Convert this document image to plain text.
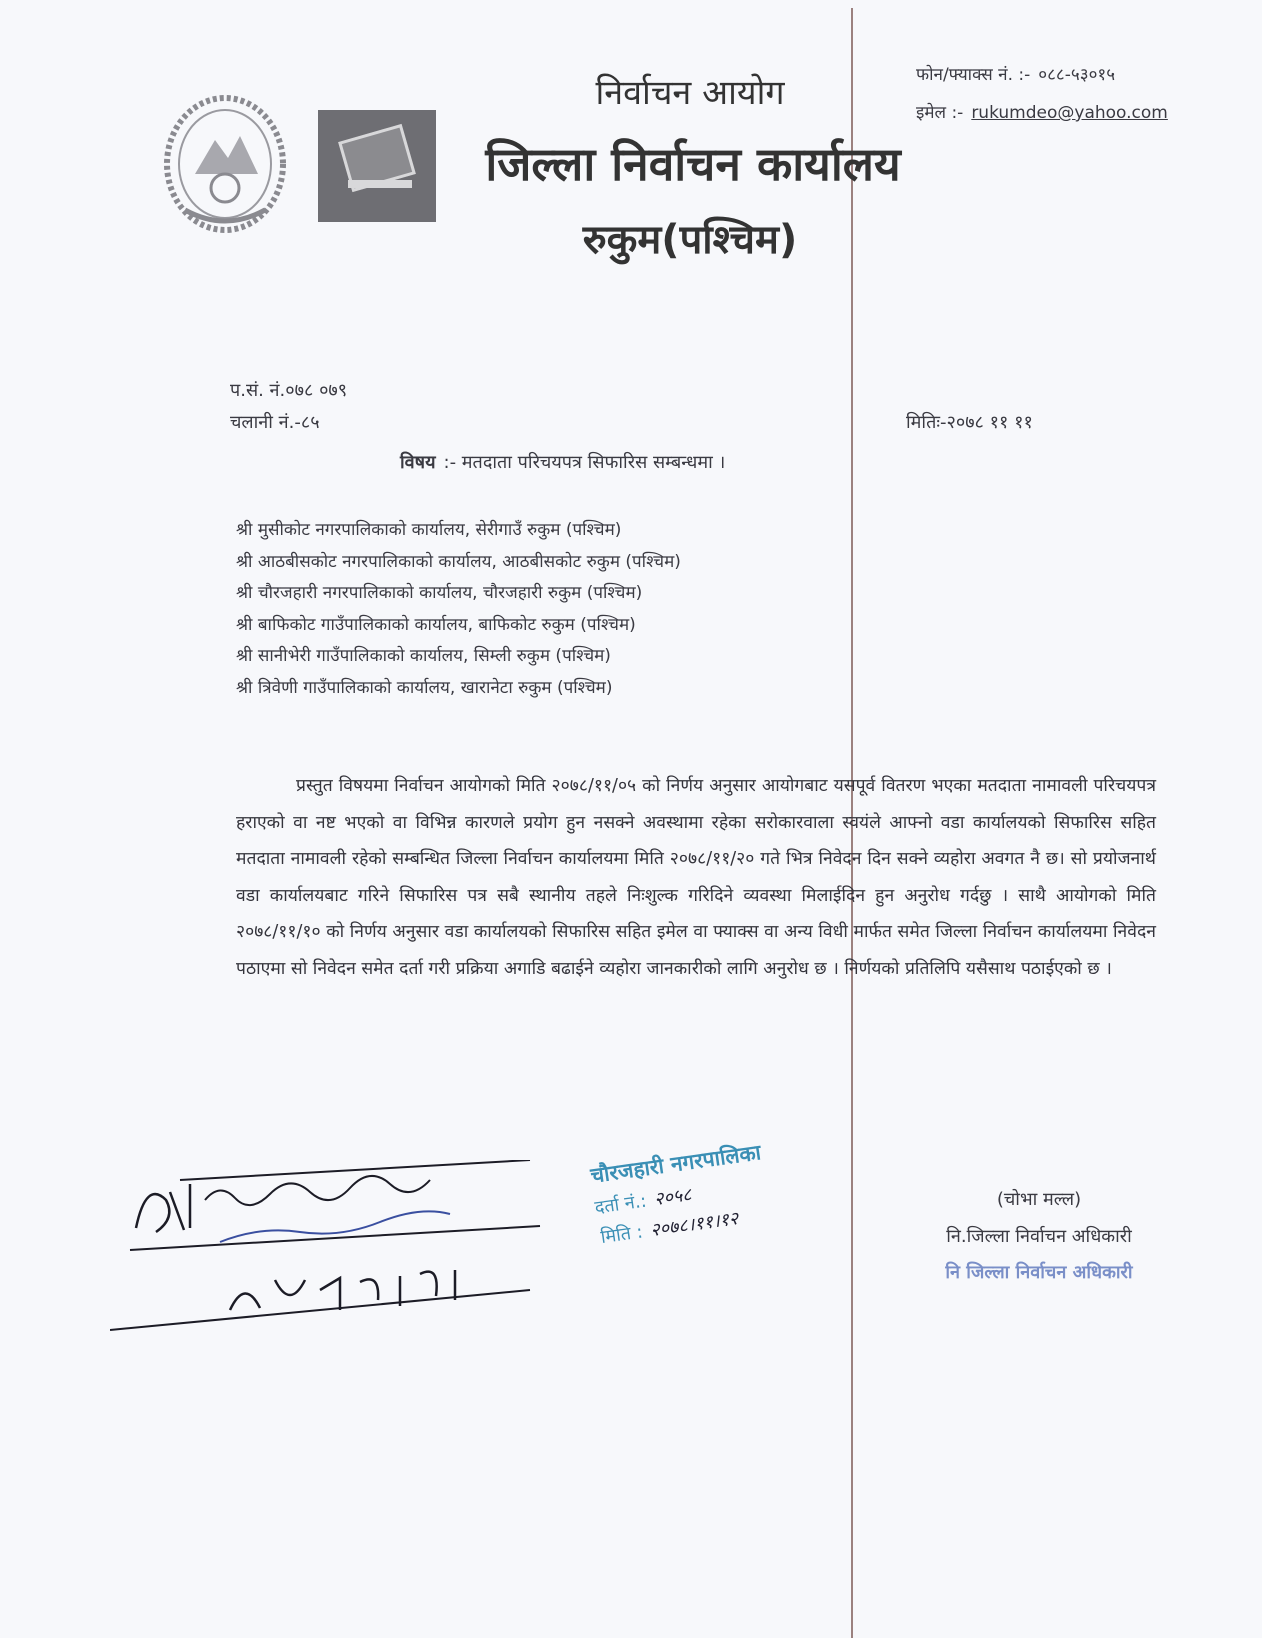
निर्वाचन आयोग
जिल्ला निर्वाचन कार्यालय
रुकुम(पश्चिम)
फोन/फ्याक्स नं. :- ०८८-५३०१५
इमेल :- rukumdeo@yahoo.com
प.सं. नं.०७८ ०७९
चलानी नं.-८५	मितिः-२०७८ ११ ११
विषय :- मतदाता परिचयपत्र सिफारिस सम्बन्धमा ।
श्री मुसीकोट नगरपालिकाको कार्यालय, सेरीगाउँ रुकुम (पश्चिम)
श्री आठबीसकोट नगरपालिकाको कार्यालय, आठबीसकोट रुकुम (पश्चिम)
श्री चौरजहारी नगरपालिकाको कार्यालय, चौरजहारी रुकुम (पश्चिम)
श्री बाफिकोट गाउँपालिकाको कार्यालय, बाफिकोट रुकुम (पश्चिम)
श्री सानीभेरी गाउँपालिकाको कार्यालय, सिम्ली रुकुम (पश्चिम)
श्री त्रिवेणी गाउँपालिकाको कार्यालय, खारानेटा रुकुम (पश्चिम)

प्रस्तुत विषयमा निर्वाचन आयोगको मिति २०७८/११/०५ को निर्णय अनुसार आयोगबाट यसपूर्व वितरण भएका मतदाता नामावली परिचयपत्र हराएको वा नष्ट भएको वा विभिन्न कारणले प्रयोग हुन नसक्ने अवस्थामा रहेका सरोकारवाला स्वयंले आफ्नो वडा कार्यालयको सिफारिस सहित मतदाता नामावली रहेको सम्बन्धित जिल्ला निर्वाचन कार्यालयमा मिति २०७८/११/२० गते भित्र निवेदन दिन सक्ने व्यहोरा अवगत नै छ। सो प्रयोजनार्थ वडा कार्यालयबाट गरिने सिफारिस पत्र सबै स्थानीय तहले निःशुल्क गरिदिने व्यवस्था मिलाईदिन हुन अनुरोध गर्दछु । साथै आयोगको मिति २०७८/११/१० को निर्णय अनुसार वडा कार्यालयको सिफारिस सहित इमेल वा फ्याक्स वा अन्य विधी मार्फत समेत जिल्ला निर्वाचन कार्यालयमा निवेदन पठाएमा सो निवेदन समेत दर्ता गरी प्रक्रिया अगाडि बढाईने व्यहोरा जानकारीको लागि अनुरोध छ । निर्णयको प्रतिलिपि यसैसाथ पठाईएको छ ।

चौरजहारी नगरपालिका
दर्ता नं.: २०५८
मिति : २०७८।११।१२
(चोभा मल्ल)
नि.जिल्ला निर्वाचन अधिकारी
नि जिल्ला निर्वाचन अधिकारी
